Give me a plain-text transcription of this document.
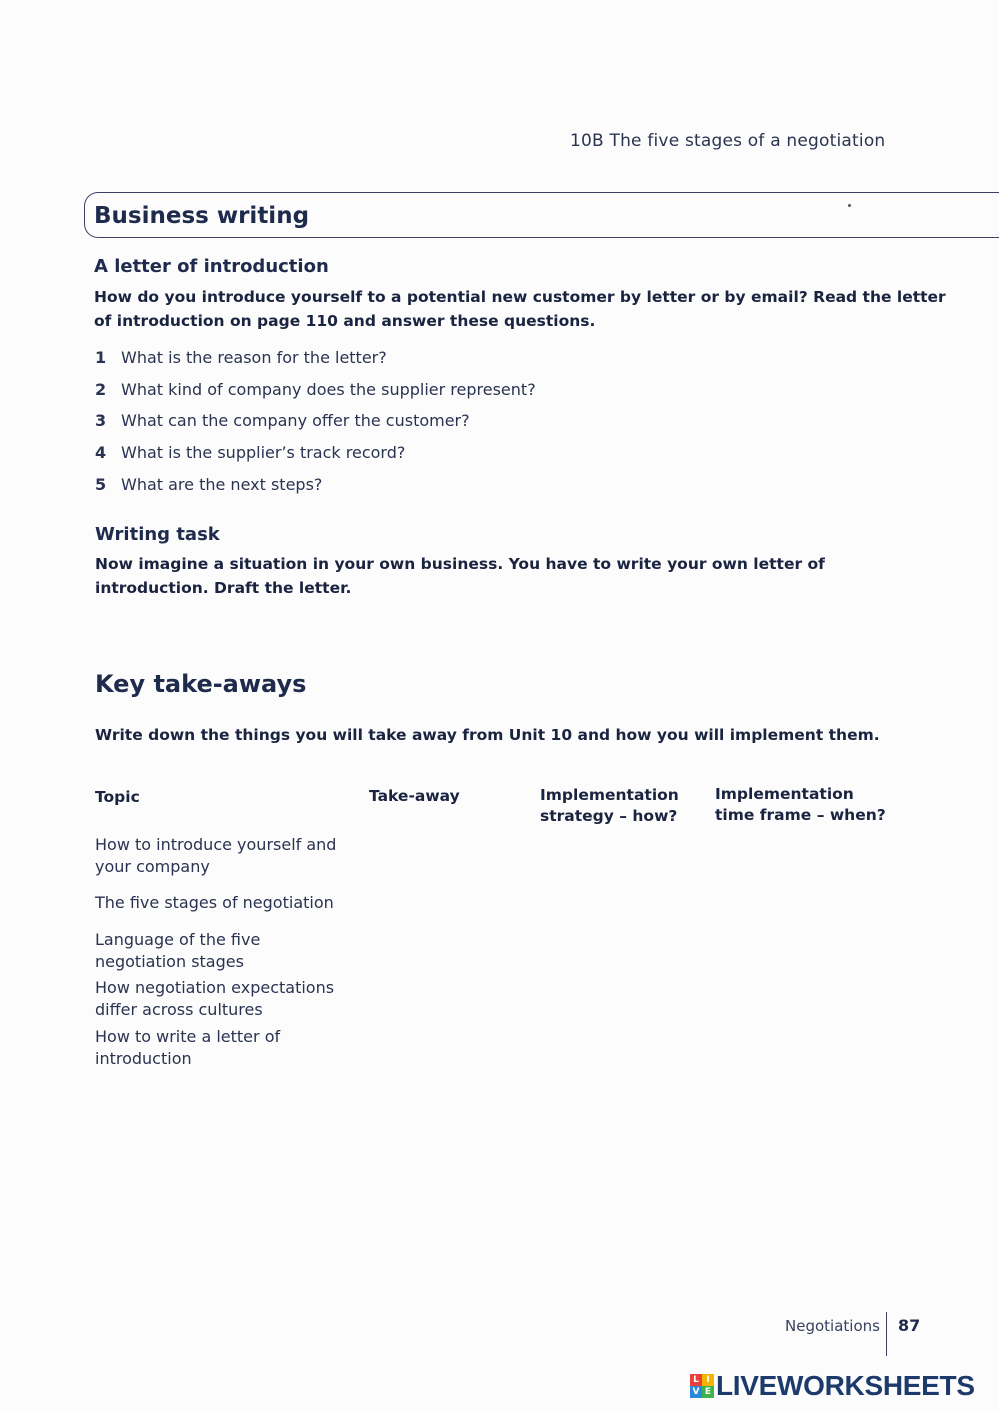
10B The five stages of a negotiation
Business writing
A letter of introduction
How do you introduce yourself to a potential new customer by letter or by email? Read the letter
of introduction on page 110 and answer these questions.
1 What is the reason for the letter?
2 What kind of company does the supplier represent?
3 What can the company offer the customer?
4 What is the supplier’s track record?
5 What are the next steps?
Writing task
Now imagine a situation in your own business. You have to write your own letter of
introduction. Draft the letter.
Key take-aways
Write down the things you will take away from Unit 10 and how you will implement them.
Topic	Take-away	Implementation
strategy – how?
Implementation
time frame – when?
How to introduce yourself and
your company
The five stages of negotiation
Language of the five
negotiation stages
How negotiation expectations
differ across cultures
How to write a letter of
introduction
Negotiations 87
L I
V E LIVEWORKSHEETS
